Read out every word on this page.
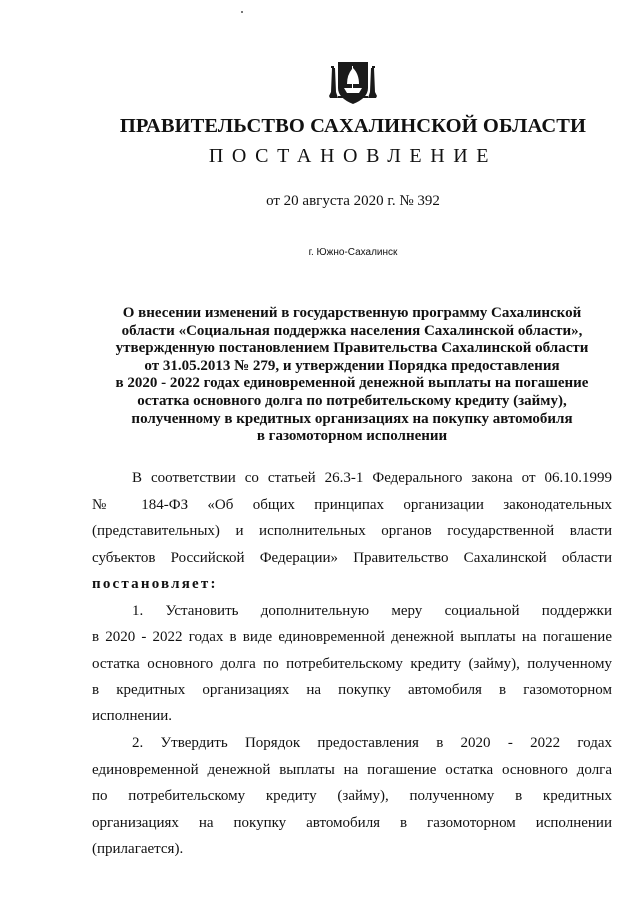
ПРАВИТЕЛЬСТВО САХАЛИНСКОЙ ОБЛАСТИ
ПОСТАНОВЛЕНИЕ
от 20 августа 2020 г. № 392
г. Южно-Сахалинск
О внесении изменений в государственную программу Сахалинской
области «Социальная поддержка населения Сахалинской области»,
утвержденную постановлением Правительства Сахалинской области
от 31.05.2013 № 279, и утверждении Порядка предоставления
в 2020 - 2022 годах единовременной денежной выплаты на погашение
остатка основного долга по потребительскому кредиту (займу),
полученному в кредитных организациях на покупку автомобиля
в газомоторном исполнении
В соответствии со статьей 26.3-1 Федерального закона от 06.10.1999
№ 184-ФЗ «Об общих принципах организации законодательных
(представительных) и исполнительных органов государственной власти
субъектов Российской Федерации» Правительство Сахалинской области
постановляет:
1. Установить дополнительную меру социальной поддержки
в 2020 - 2022 годах в виде единовременной денежной выплаты на погашение
остатка основного долга по потребительскому кредиту (займу), полученному
в кредитных организациях на покупку автомобиля в газомоторном
исполнении.
2. Утвердить Порядок предоставления в 2020 - 2022 годах
единовременной денежной выплаты на погашение остатка основного долга
по потребительскому кредиту (займу), полученному в кредитных
организациях на покупку автомобиля в газомоторном исполнении
(прилагается).
